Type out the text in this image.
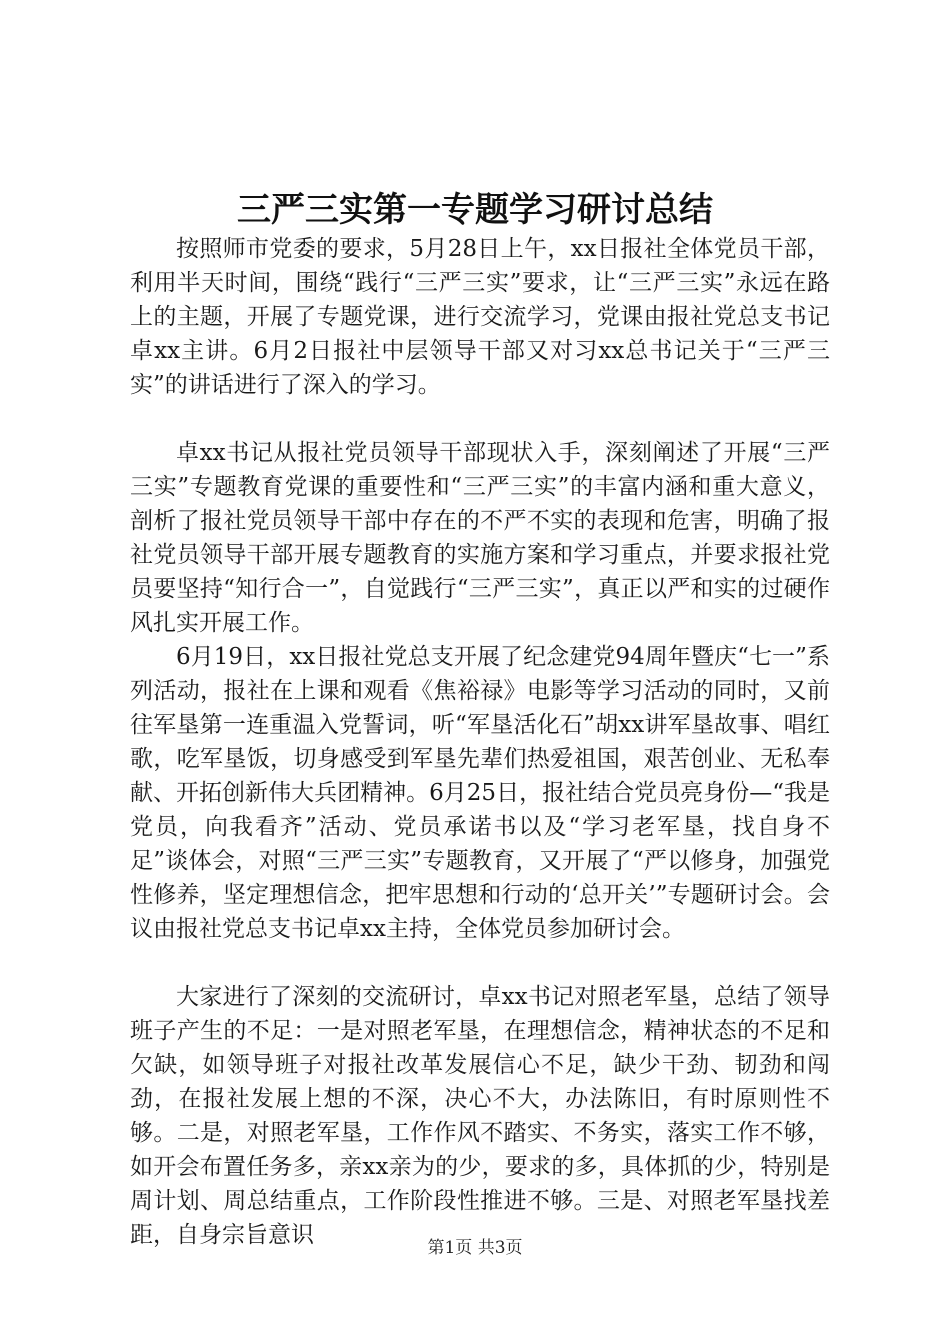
三严三实第一专题学习研讨总结

按照师市党委的要求，5月28日上午，xx日报社全体党员干部，利用半天时间，围绕“践行“三严三实”要求，让“三严三实”永远在路上的主题，开展了专题党课，进行交流学习，党课由报社党总支书记卓xx主讲。6月2日报社中层领导干部又对习xx总书记关于“三严三实”的讲话进行了深入的学习。

卓xx书记从报社党员领导干部现状入手，深刻阐述了开展“三严三实”专题教育党课的重要性和“三严三实”的丰富内涵和重大意义，剖析了报社党员领导干部中存在的不严不实的表现和危害，明确了报社党员领导干部开展专题教育的实施方案和学习重点，并要求报社党员要坚持“知行合一”，自觉践行“三严三实”，真正以严和实的过硬作风扎实开展工作。

6月19日，xx日报社党总支开展了纪念建党94周年暨庆“七一”系列活动，报社在上课和观看《焦裕禄》电影等学习活动的同时，又前往军垦第一连重温入党誓词，听“军垦活化石”胡xx讲军垦故事、唱红歌，吃军垦饭，切身感受到军垦先辈们热爱祖国，艰苦创业、无私奉献、开拓创新伟大兵团精神。6月25日，报社结合党员亮身份—“我是党员，向我看齐”活动、党员承诺书以及“学习老军垦，找自身不足”谈体会，对照“三严三实”专题教育，又开展了“严以修身，加强党性修养，坚定理想信念，把牢思想和行动的‘总开关’”专题研讨会。会议由报社党总支书记卓xx主持，全体党员参加研讨会。

大家进行了深刻的交流研讨，卓xx书记对照老军垦，总结了领导班子产生的不足：一是对照老军垦，在理想信念，精神状态的不足和欠缺，如领导班子对报社改革发展信心不足，缺少干劲、韧劲和闯劲，在报社发展上想的不深，决心不大，办法陈旧，有时原则性不够。二是，对照老军垦，工作作风不踏实、不务实，落实工作不够，如开会布置任务多，亲xx亲为的少，要求的多，具体抓的少，特别是周计划、周总结重点，工作阶段性推进不够。三是、对照老军垦找差距，自身宗旨意识	第1页 共3页
